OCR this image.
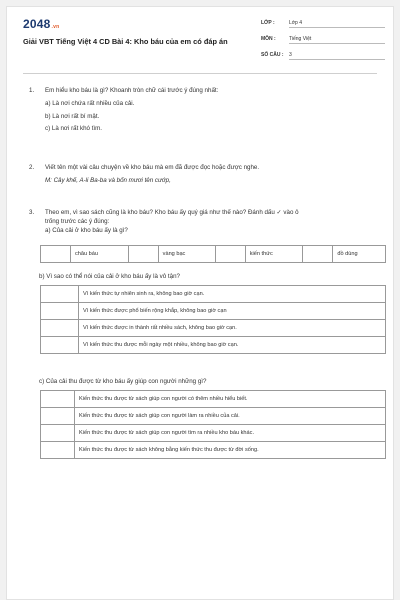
2048.vn
Giải VBT Tiếng Việt 4 CD Bài 4: Kho báu của em có đáp án
LỚP :	Lớp 4
MÔN :	Tiếng Việt
SỐ CÂU : 3
1. Em hiểu kho báu là gì? Khoanh tròn chữ cái trước ý đúng nhất:
a) Là nơi chứa rất nhiều của cải.
b) Là nơi rất bí mật.
c) Là nơi rất khó tìm.
2. Viết tên một vài câu chuyện về kho báu mà em đã được đọc hoặc được nghe.
M: Cây khế, A-li Ba-ba và bốn mươi tên cướp,
3. Theo em, vì sao sách cũng là kho báu? Kho báu ấy quý giá như thế nào? Đánh dấu ✓ vào ô
trống trước các ý đúng:
a) Của cải ở kho báu ấy là gì?
	châu báu		vàng bạc		kiến thức		đồ dùng
b) Vì sao có thể nói của cải ở kho báu ấy là vô tận?
	Vì kiến thức tự nhiên sinh ra, không bao giờ cạn.
	Vì kiến thức được phổ biến rộng khắp, không bao giờ cạn
	Vì kiến thức được in thành rất nhiều sách, không bao giờ cạn.
	Vì kiến thức thu được mỗi ngày một nhiều, không bao giờ cạn.
c) Của cải thu được từ kho báu ấy giúp con người những gì?
	Kiến thức thu được từ sách giúp con người có thêm nhiều hiểu biết.
	Kiến thức thu được từ sách giúp con người làm ra nhiều của cải.
	Kiến thức thu được từ sách giúp con người tìm ra nhiều kho báu khác.
	Kiến thức thu được từ sách không bằng kiến thức thu được từ đời sống.
